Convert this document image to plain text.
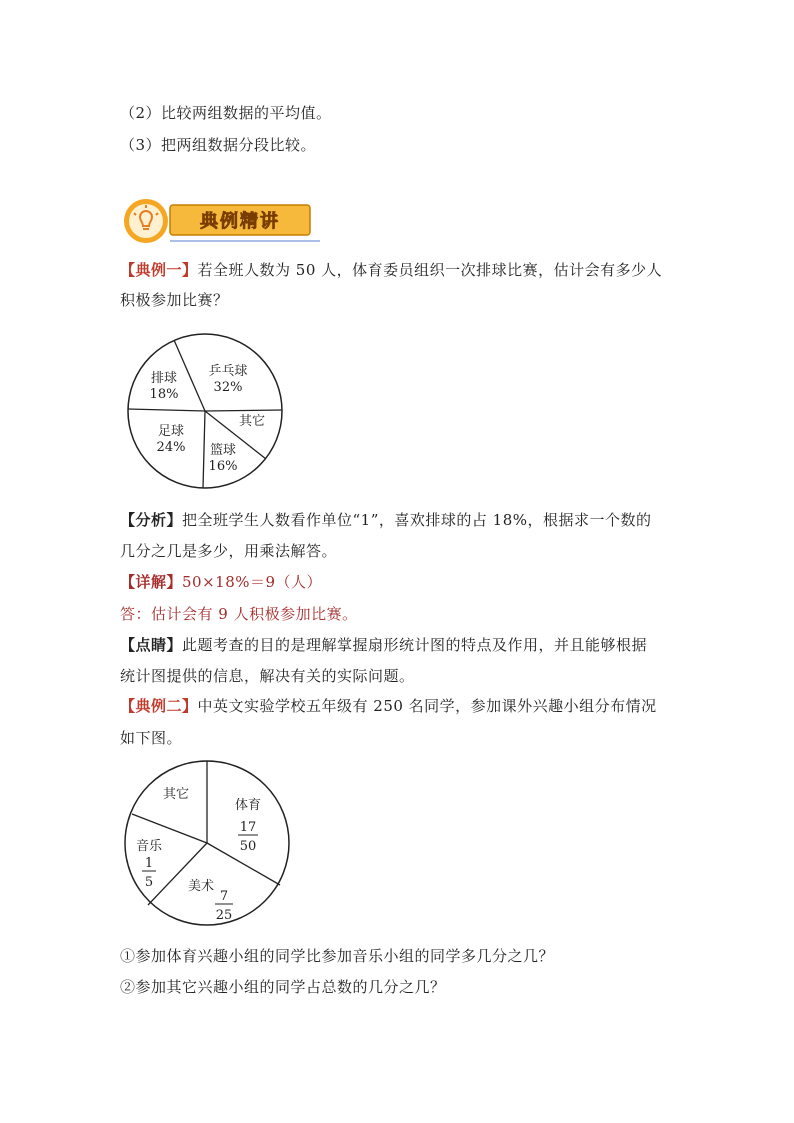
（2）比较两组数据的平均值。
（3）把两组数据分段比较。
典例精讲
【典例一】若全班人数为 50 人，体育委员组织一次排球比赛，估计会有多少人
积极参加比赛？
乒乓球
32%
其它
篮球
16%
足球
24%
排球
18%
【分析】把全班学生人数看作单位“1”，喜欢排球的占 18%，根据求一个数的
几分之几是多少，用乘法解答。
【详解】50×18%＝9（人）
答：估计会有 9 人积极参加比赛。
【点睛】此题考查的目的是理解掌握扇形统计图的特点及作用，并且能够根据
统计图提供的信息，解决有关的实际问题。
【典例二】中英文实验学校五年级有 250 名同学，参加课外兴趣小组分布情况
如下图。
体育
17
50
美术
7
25
音乐
1
5
其它
①参加体育兴趣小组的同学比参加音乐小组的同学多几分之几？
②参加其它兴趣小组的同学占总数的几分之几？
